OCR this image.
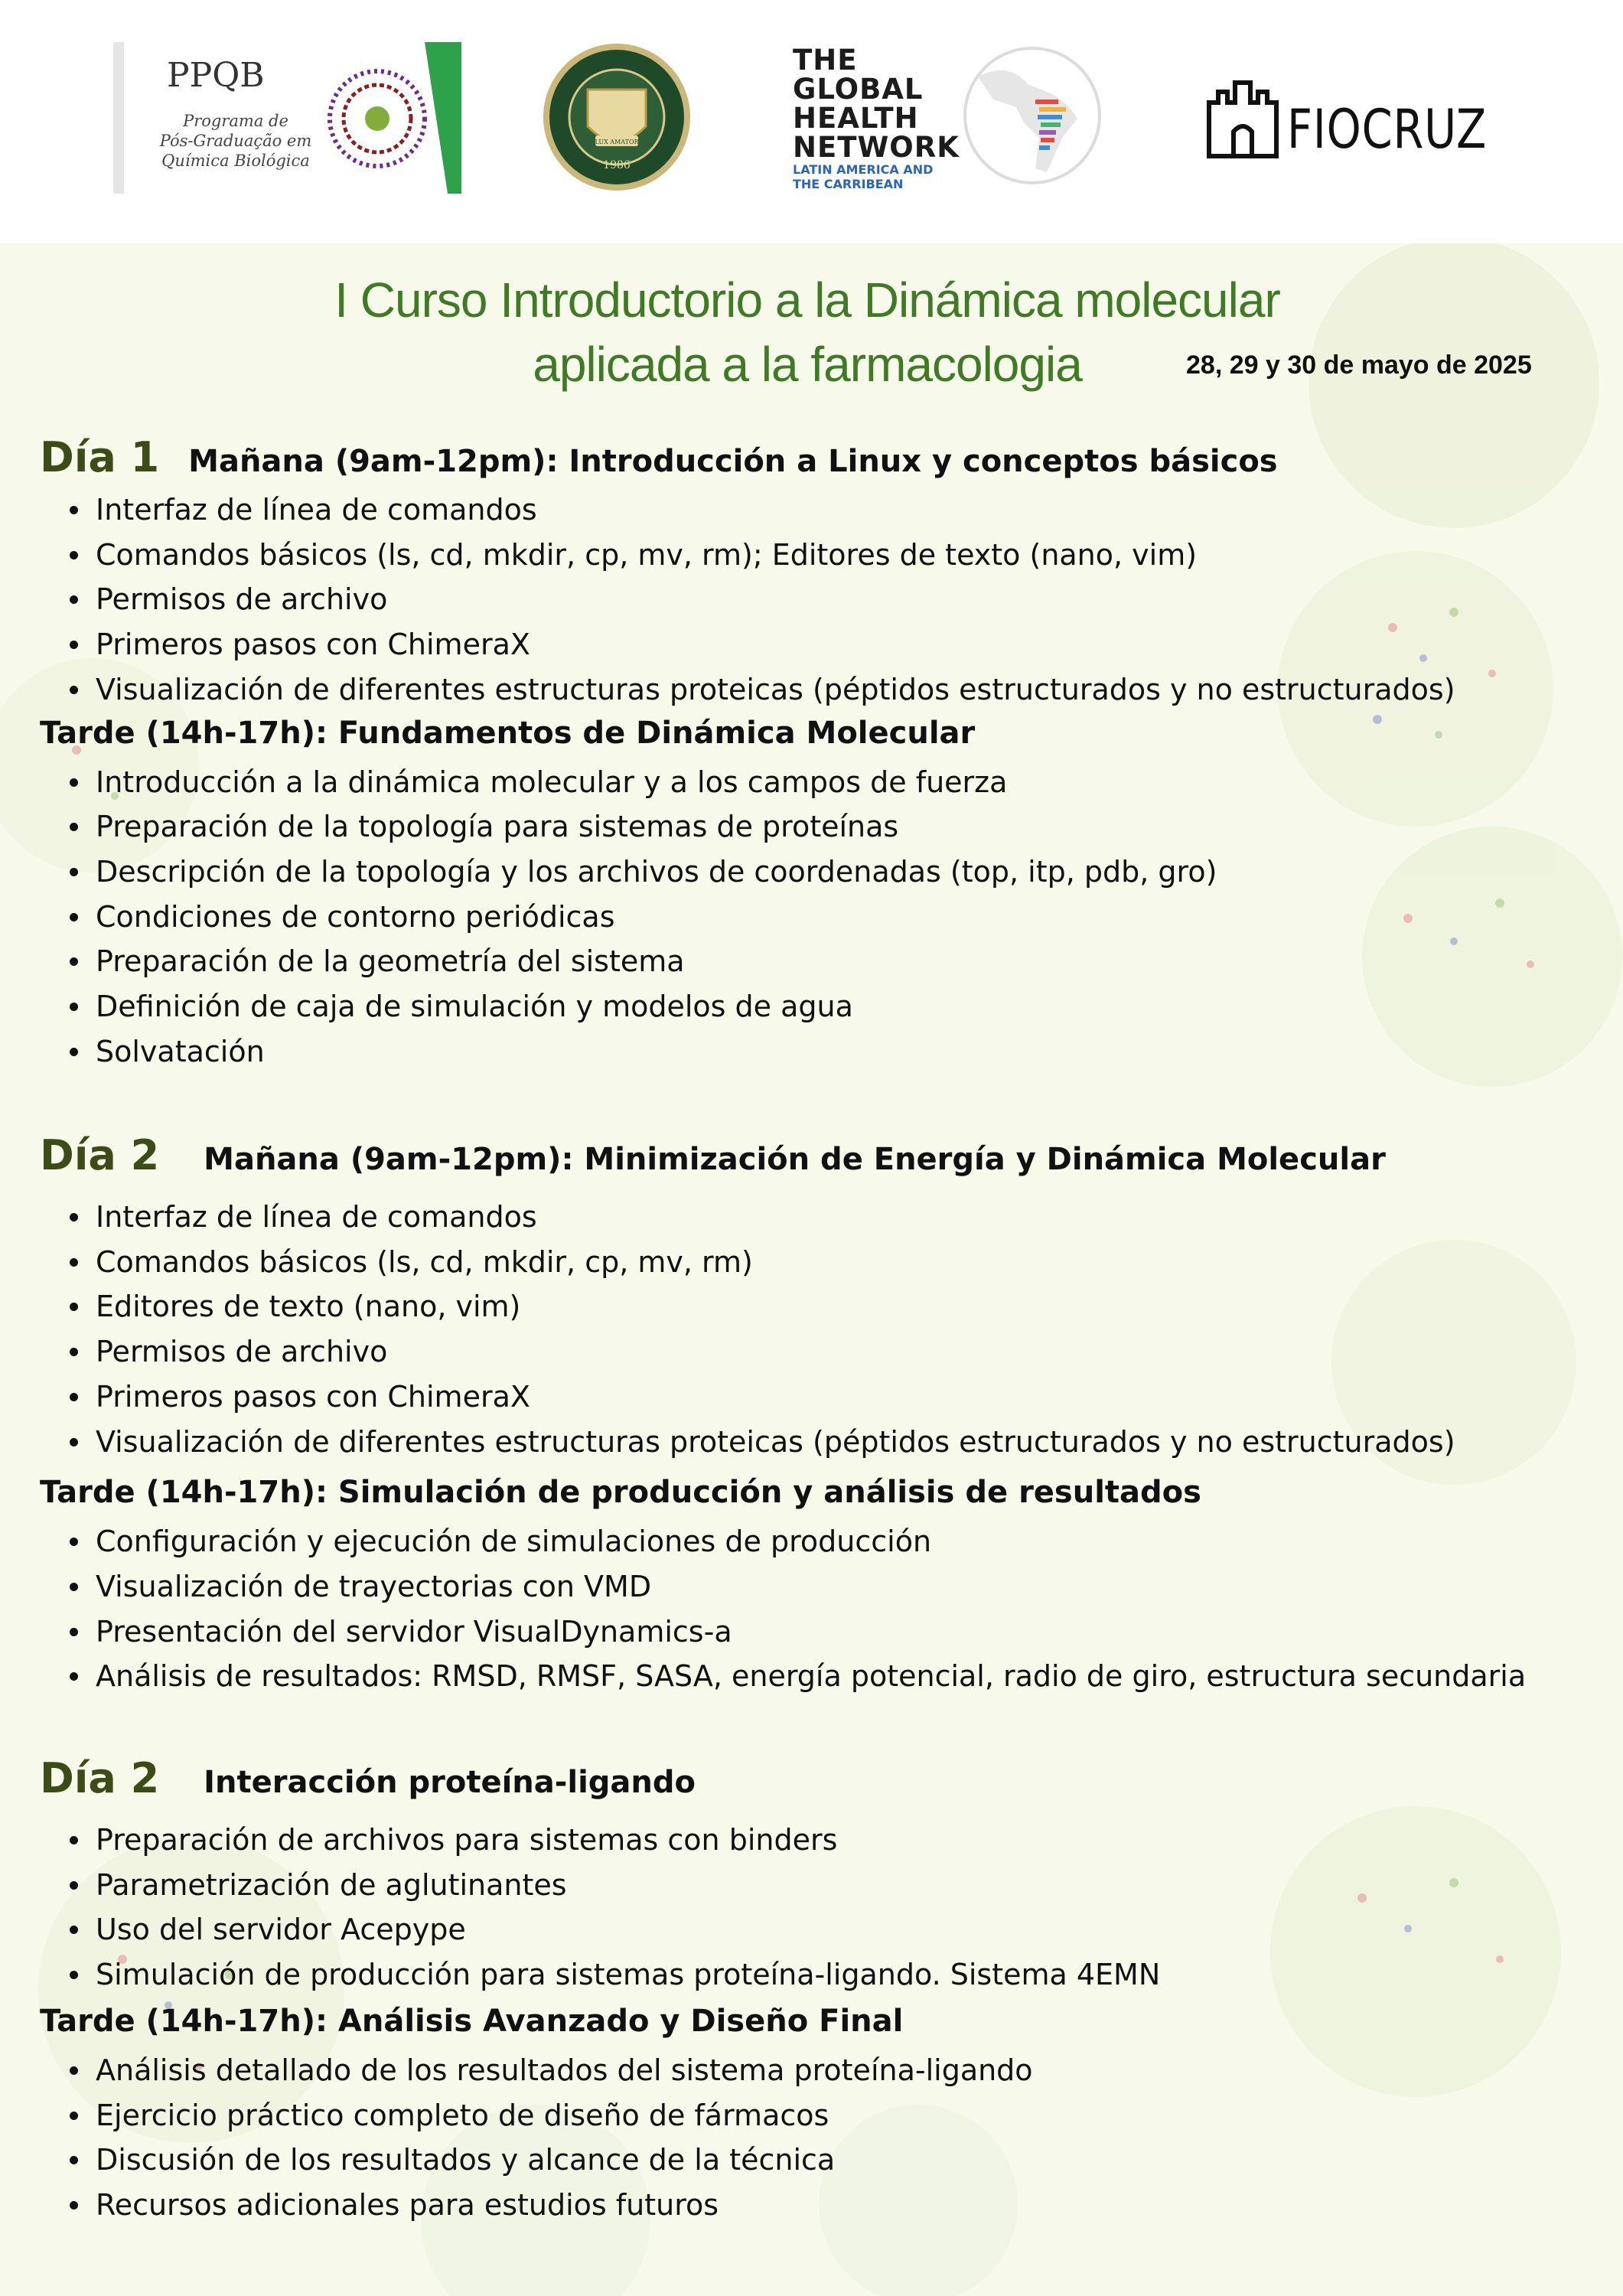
PPQB
Programa de
Pós-Graduação em
Química Biológica	1986
LUX AMATOR
THE
GLOBAL
HEALTH
NETWORK
LATIN AMERICA AND
THE CARRIBEAN
FIOCRUZ
I Curso Introductorio a la Dinámica molecular
aplicada a la farmacologia	28, 29 y 30 de mayo de 2025
Día 1 Mañana (9am-12pm): Introducción a Linux y conceptos básicos
Interfaz de línea de comandos
Comandos básicos (ls, cd, mkdir, cp, mv, rm); Editores de texto (nano, vim)
Permisos de archivo
Primeros pasos con ChimeraX
Visualización de diferentes estructuras proteicas (péptidos estructurados y no estructurados)
Tarde (14h-17h): Fundamentos de Dinámica Molecular
Introducción a la dinámica molecular y a los campos de fuerza
Preparación de la topología para sistemas de proteínas
Descripción de la topología y los archivos de coordenadas (top, itp, pdb, gro)
Condiciones de contorno periódicas
Preparación de la geometría del sistema
Definición de caja de simulación y modelos de agua
Solvatación
Día 2 Mañana (9am-12pm): Minimización de Energía y Dinámica Molecular
Interfaz de línea de comandos
Comandos básicos (ls, cd, mkdir, cp, mv, rm)
Editores de texto (nano, vim)
Permisos de archivo
Primeros pasos con ChimeraX
Visualización de diferentes estructuras proteicas (péptidos estructurados y no estructurados)
Tarde (14h-17h): Simulación de producción y análisis de resultados
Configuración y ejecución de simulaciones de producción
Visualización de trayectorias con VMD
Presentación del servidor VisualDynamics-a
Análisis de resultados: RMSD, RMSF, SASA, energía potencial, radio de giro, estructura secundaria
Día 2 Interacción proteína-ligando
Preparación de archivos para sistemas con binders
Parametrización de aglutinantes
Uso del servidor Acepype
Simulación de producción para sistemas proteína-ligando. Sistema 4EMN
Tarde (14h-17h): Análisis Avanzado y Diseño Final
Análisis detallado de los resultados del sistema proteína-ligando
Ejercicio práctico completo de diseño de fármacos
Discusión de los resultados y alcance de la técnica
Recursos adicionales para estudios futuros
